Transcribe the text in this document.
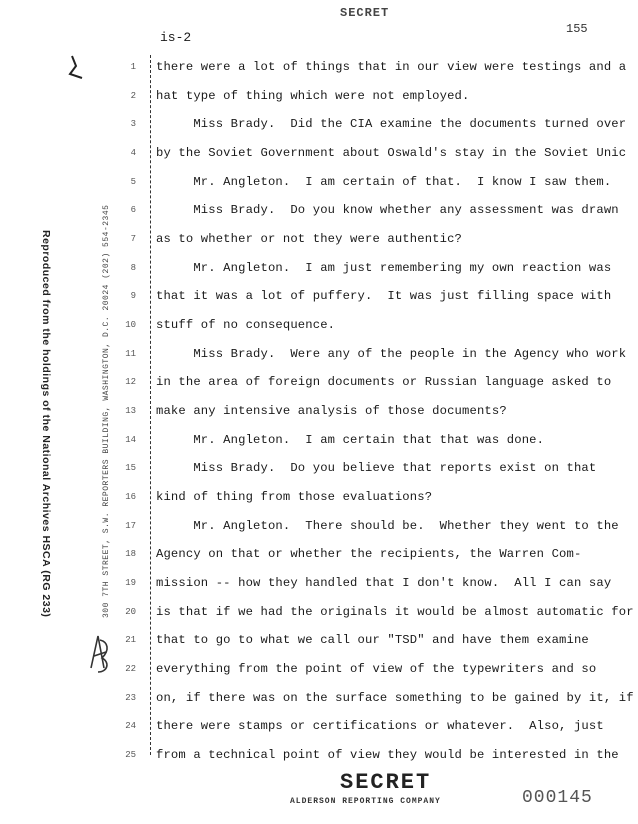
SECRET
155
is-2
1
2
3
4
5
6
7
8
9
10
11
12
13
14
15
16
17
18
19
20
21
22
23
24
25
there were a lot of things that in our view were testings and a
hat type of thing which were not employed.
Miss Brady.  Did the CIA examine the documents turned over
by the Soviet Government about Oswald's stay in the Soviet Unic
Mr. Angleton.  I am certain of that.  I know I saw them.
Miss Brady.  Do you know whether any assessment was drawn
as to whether or not they were authentic?
Mr. Angleton.  I am just remembering my own reaction was
that it was a lot of puffery.  It was just filling space with
stuff of no consequence.
Miss Brady.  Were any of the people in the Agency who work
in the area of foreign documents or Russian language asked to
make any intensive analysis of those documents?
Mr. Angleton.  I am certain that that was done.
Miss Brady.  Do you believe that reports exist on that
kind of thing from those evaluations?
Mr. Angleton.  There should be.  Whether they went to the
Agency on that or whether the recipients, the Warren Com-
mission -- how they handled that I don't know.  All I can say
is that if we had the originals it would be almost automatic for
that to go to what we call our "TSD" and have them examine
everything from the point of view of the typewriters and so
on, if there was on the surface something to be gained by it, if
there were stamps or certifications or whatever.  Also, just
from a technical point of view they would be interested in the
Reproduced from the holdings of the National Archives HSCA (RG 233)	300 7TH STREET, S.W. REPORTERS BUILDING, WASHINGTON, D.C. 20024 (202) 554-2345
SECRET
ALDERSON REPORTING COMPANY	000145
